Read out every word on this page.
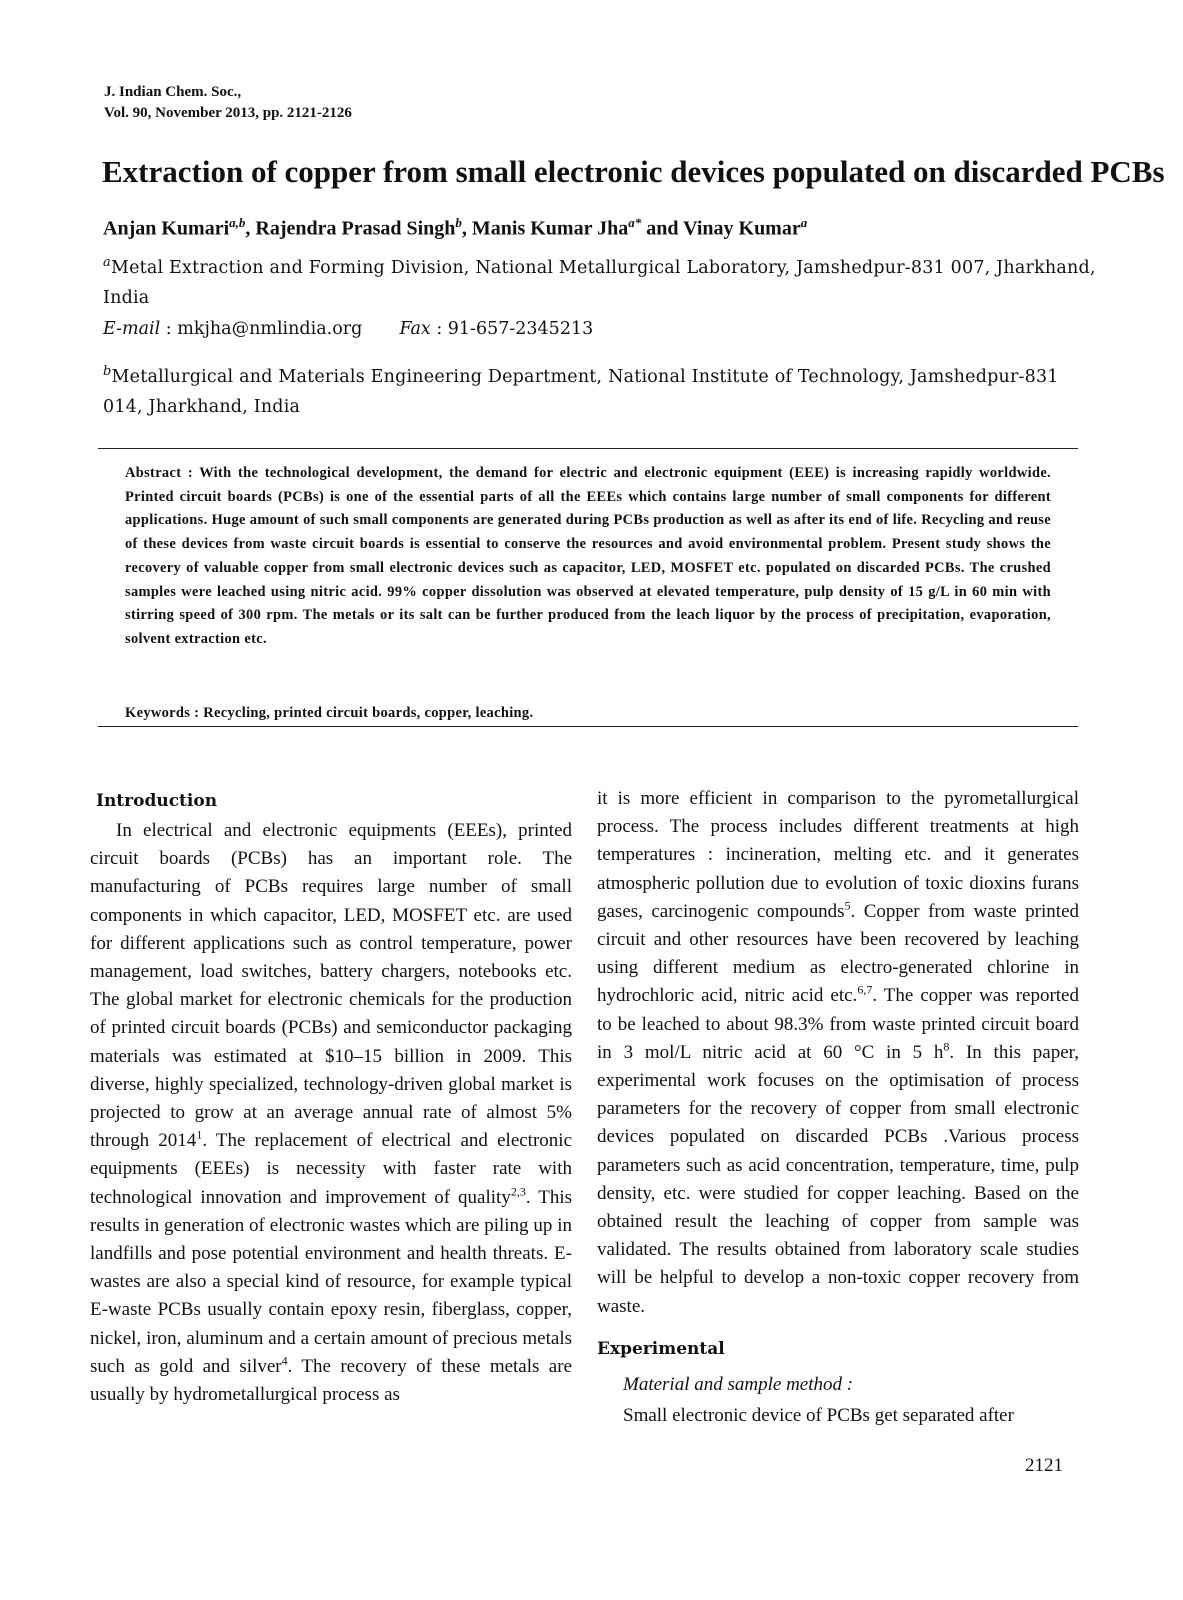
J. Indian Chem. Soc.,
Vol. 90, November 2013, pp. 2121-2126
Extraction of copper from small electronic devices populated on discarded PCBs
Anjan Kumari$^{a,b}$, Rajendra Prasad Singh$^b$, Manis Kumar Jha$^{a*}$ and Vinay Kumar$^a$
$^a$Metal Extraction and Forming Division, National Metallurgical Laboratory, Jamshedpur-831 007, Jharkhand, India
E-mail : mkjha@nmlindia.org Fax : 91-657-2345213
$^b$Metallurgical and Materials Engineering Department, National Institute of Technology, Jamshedpur-831 014, Jharkhand, India
Abstract : With the technological development, the demand for electric and electronic equipment (EEE) is increasing rapidly worldwide. Printed circuit boards (PCBs) is one of the essential parts of all the EEEs which contains large number of small components for different applications. Huge amount of such small components are generated during PCBs production as well as after its end of life. Recycling and reuse of these devices from waste circuit boards is essential to conserve the resources and avoid environmental problem. Present study shows the recovery of valuable copper from small electronic devices such as capacitor, LED, MOSFET etc. populated on discarded PCBs. The crushed samples were leached using nitric acid. 99% copper dissolution was observed at elevated temperature, pulp density of 15 g/L in 60 min with stirring speed of 300 rpm. The metals or its salt can be further produced from the leach liquor by the process of precipitation, evaporation, solvent extraction etc.
Keywords : Recycling, printed circuit boards, copper, leaching.
Introduction

In electrical and electronic equipments (EEEs), printed circuit boards (PCBs) has an important role. The manufacturing of PCBs requires large number of small components in which capacitor, LED, MOSFET etc. are used for different applications such as control temperature, power management, load switches, battery chargers, notebooks etc. The global market for electronic chemicals for the production of printed circuit boards (PCBs) and semiconductor packaging materials was estimated at $10–15 billion in 2009. This diverse, highly specialized, technology-driven global market is projected to grow at an average annual rate of almost 5% through 2014$^1$. The replacement of electrical and electronic equipments (EEEs) is necessity with faster rate with technological innovation and improvement of quality$^{2,3}$. This results in generation of electronic wastes which are piling up in landfills and pose potential environment and health threats. E-wastes are also a special kind of resource, for example typical E-waste PCBs usually contain epoxy resin, fiberglass, copper, nickel, iron, aluminum and a certain amount of precious metals such as gold and silver$^4$. The recovery of these metals are usually by hydrometallurgical process as

it is more efficient in comparison to the pyrometallurgical process. The process includes different treatments at high temperatures : incineration, melting etc. and it generates atmospheric pollution due to evolution of toxic dioxins furans gases, carcinogenic compounds$^5$. Copper from waste printed circuit and other resources have been recovered by leaching using different medium as electro-generated chlorine in hydrochloric acid, nitric acid etc.$^{6,7}$. The copper was reported to be leached to about 98.3% from waste printed circuit board in 3 mol/L nitric acid at 60 °C in 5 $h^8$. In this paper, experimental work focuses on the optimisation of process parameters for the recovery of copper from small electronic devices populated on discarded PCBs .Various process parameters such as acid concentration, temperature, time, pulp density, etc. were studied for copper leaching. Based on the obtained result the leaching of copper from sample was validated. The results obtained from laboratory scale studies will be helpful to develop a non-toxic copper recovery from waste.

Experimental
Material and sample method :
Small electronic device of PCBs get separated after
2121
